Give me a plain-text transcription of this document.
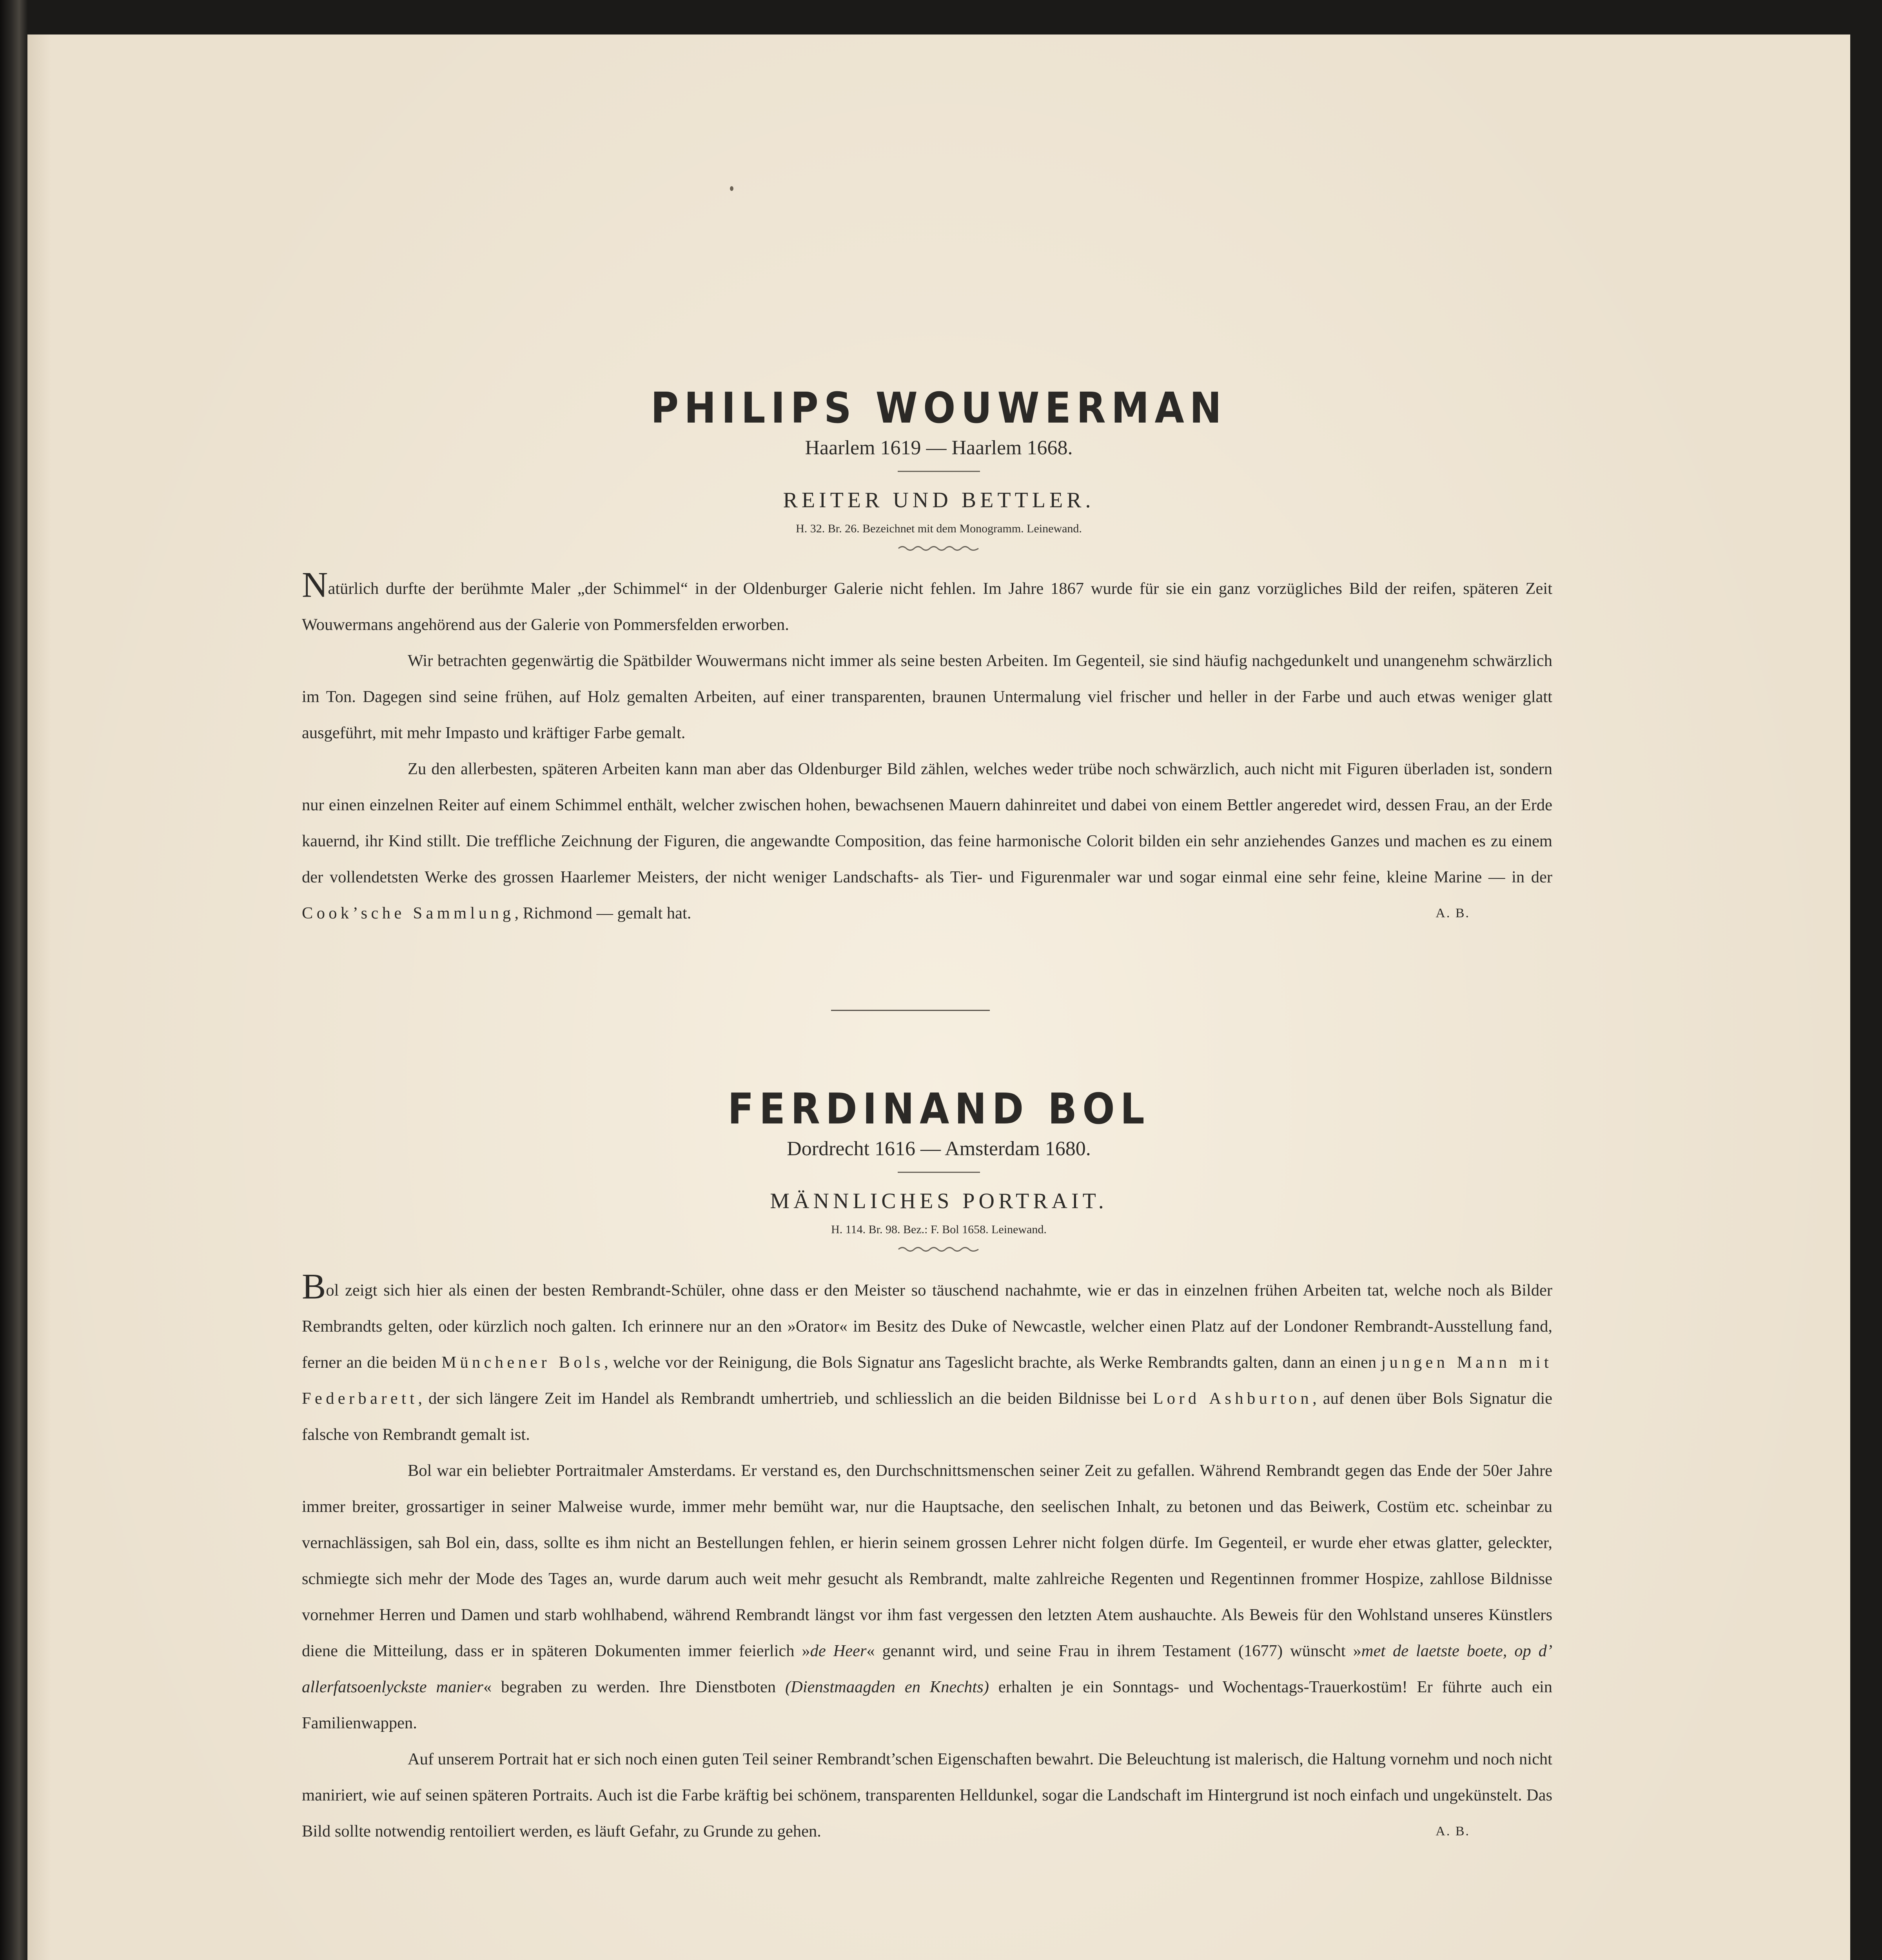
PHILIPS WOUWERMAN
Haarlem 1619 — Haarlem 1668.
REITER UND BETTLER.
H. 32. Br. 26. Bezeichnet mit dem Monogramm. Leinewand.

Natürlich durfte der berühmte Maler „der Schimmel“ in der Oldenburger Galerie nicht fehlen. Im Jahre 1867 wurde für sie ein ganz vorzügliches Bild der reifen, späteren Zeit Wouwermans angehörend aus der Galerie von Pommersfelden erworben.

Wir betrachten gegenwärtig die Spätbilder Wouwermans nicht immer als seine besten Arbeiten. Im Gegenteil, sie sind häufig nachgedunkelt und unangenehm schwärzlich im Ton. Dagegen sind seine frühen, auf Holz gemalten Arbeiten, auf einer transparenten, braunen Untermalung viel frischer und heller in der Farbe und auch etwas weniger glatt ausgeführt, mit mehr Impasto und kräftiger Farbe gemalt.

Zu den allerbesten, späteren Arbeiten kann man aber das Oldenburger Bild zählen, welches weder trübe noch schwärzlich, auch nicht mit Figuren überladen ist, sondern nur einen einzelnen Reiter auf einem Schimmel enthält, welcher zwischen hohen, bewachsenen Mauern dahinreitet und dabei von einem Bettler angeredet wird, dessen Frau, an der Erde kauernd, ihr Kind stillt. Die treffliche Zeichnung der Figuren, die angewandte Composition, das feine harmonische Colorit bilden ein sehr anziehendes Ganzes und machen es zu einem der vollendetsten Werke des grossen Haarlemer Meisters, der nicht weniger Landschafts- als Tier- und Figurenmaler war und sogar einmal eine sehr feine, kleine Marine — in der Cook’sche Sammlung, Richmond — gemalt hat.	A. B.

FERDINAND BOL
Dordrecht 1616 — Amsterdam 1680.
MÄNNLICHES PORTRAIT.
H. 114. Br. 98. Bez.: F. Bol 1658. Leinewand.

Bol zeigt sich hier als einen der besten Rembrandt-Schüler, ohne dass er den Meister so täuschend nachahmte, wie er das in einzelnen frühen Arbeiten tat, welche noch als Bilder Rembrandts gelten, oder kürzlich noch galten. Ich erinnere nur an den »Orator« im Besitz des Duke of Newcastle, welcher einen Platz auf der Londoner Rembrandt-Ausstellung fand, ferner an die beiden Münchener Bols, welche vor der Reinigung, die Bols Signatur ans Tageslicht brachte, als Werke Rembrandts galten, dann an einen jungen Mann mit Federbarett, der sich längere Zeit im Handel als Rembrandt umhertrieb, und schliesslich an die beiden Bildnisse bei Lord Ashburton, auf denen über Bols Signatur die falsche von Rembrandt gemalt ist.

Bol war ein beliebter Portraitmaler Amsterdams. Er verstand es, den Durchschnittsmenschen seiner Zeit zu gefallen. Während Rembrandt gegen das Ende der 50er Jahre immer breiter, grossartiger in seiner Malweise wurde, immer mehr bemüht war, nur die Hauptsache, den seelischen Inhalt, zu betonen und das Beiwerk, Costüm etc. scheinbar zu vernachlässigen, sah Bol ein, dass, sollte es ihm nicht an Bestellungen fehlen, er hierin seinem grossen Lehrer nicht folgen dürfe. Im Gegenteil, er wurde eher etwas glatter, geleckter, schmiegte sich mehr der Mode des Tages an, wurde darum auch weit mehr gesucht als Rembrandt, malte zahlreiche Regenten und Regentinnen frommer Hospize, zahllose Bildnisse vornehmer Herren und Damen und starb wohlhabend, während Rembrandt längst vor ihm fast vergessen den letzten Atem aushauchte. Als Beweis für den Wohlstand unseres Künstlers diene die Mitteilung, dass er in späteren Dokumenten immer feierlich »de Heer« genannt wird, und seine Frau in ihrem Testament (1677) wünscht »met de laetste boete, op d’ allerfatsoenlyckste manier« begraben zu werden. Ihre Dienstboten (Dienstmaagden en Knechts) erhalten je ein Sonntags- und Wochentags-Trauerkostüm! Er führte auch ein Familienwappen.

Auf unserem Portrait hat er sich noch einen guten Teil seiner Rembrandt’schen Eigenschaften bewahrt. Die Beleuchtung ist malerisch, die Haltung vornehm und noch nicht maniriert, wie auf seinen späteren Portraits. Auch ist die Farbe kräftig bei schönem, transparenten Helldunkel, sogar die Landschaft im Hintergrund ist noch einfach und ungekünstelt. Das Bild sollte notwendig rentoiliert werden, es läuft Gefahr, zu Grunde zu gehen.	A. B.
